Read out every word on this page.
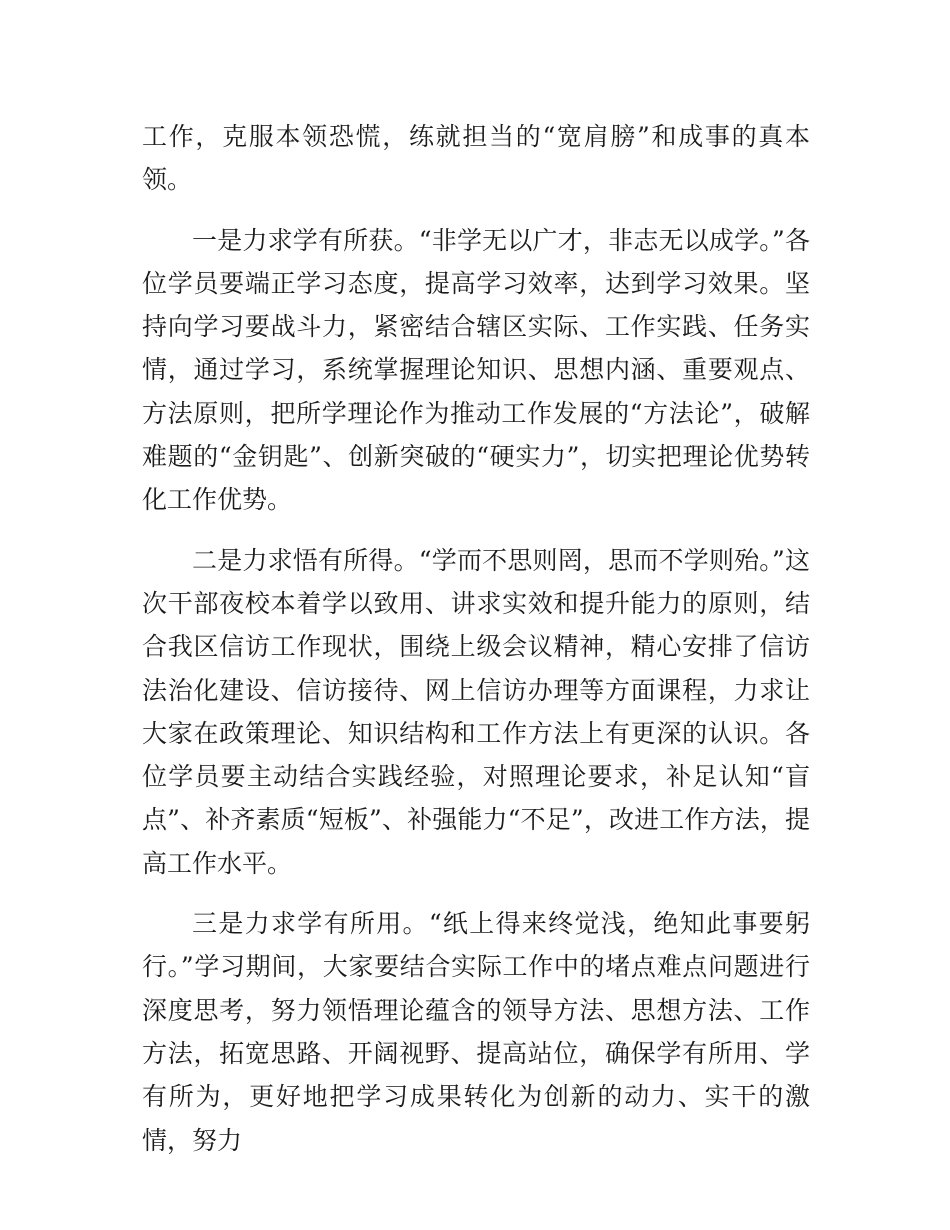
工作，克服本领恐慌，练就担当的“宽肩膀”和成事的真本领。

一是力求学有所获。“非学无以广才，非志无以成学。”各位学员要端正学习态度，提高学习效率，达到学习效果。坚持向学习要战斗力，紧密结合辖区实际、工作实践、任务实情，通过学习，系统掌握理论知识、思想内涵、重要观点、方法原则，把所学理论作为推动工作发展的“方法论”，破解难题的“金钥匙”、创新突破的“硬实力”，切实把理论优势转化工作优势。

二是力求悟有所得。“学而不思则罔，思而不学则殆。”这次干部夜校本着学以致用、讲求实效和提升能力的原则，结合我区信访工作现状，围绕上级会议精神，精心安排了信访法治化建设、信访接待、网上信访办理等方面课程，力求让大家在政策理论、知识结构和工作方法上有更深的认识。各位学员要主动结合实践经验，对照理论要求，补足认知“盲点”、补齐素质“短板”、补强能力“不足”，改进工作方法，提高工作水平。

三是力求学有所用。“纸上得来终觉浅，绝知此事要躬行。”学习期间，大家要结合实际工作中的堵点难点问题进行深度思考，努力领悟理论蕴含的领导方法、思想方法、工作方法，拓宽思路、开阔视野、提高站位，确保学有所用、学有所为，更好地把学习成果转化为创新的动力、实干的激情，努力
